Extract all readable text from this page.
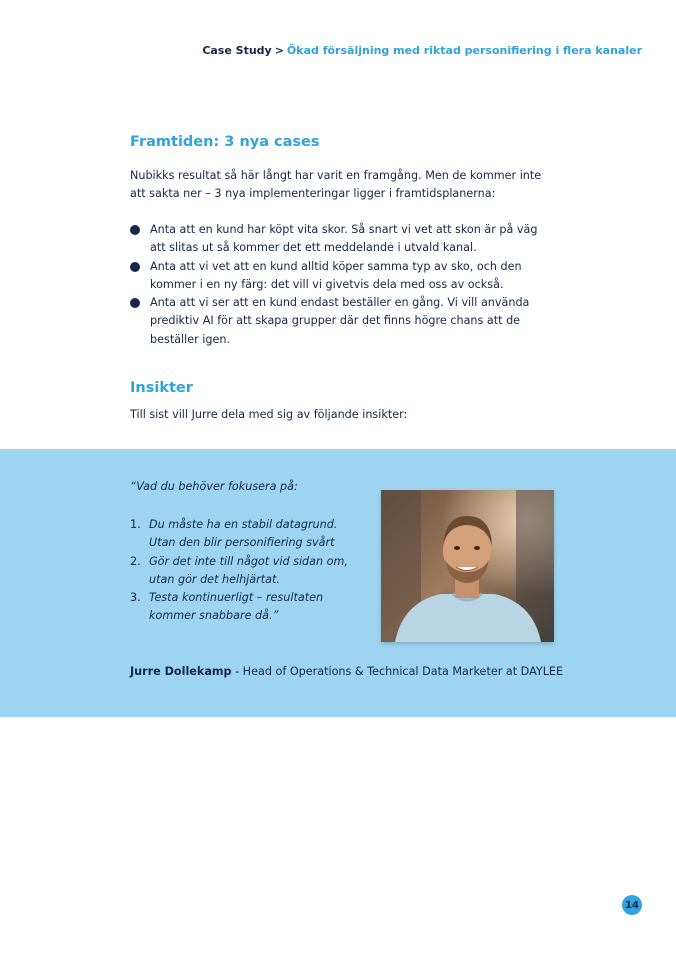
Case Study > Ökad försäljning med riktad personifiering i flera kanaler
Framtiden: 3 nya cases

Nubikks resultat så här långt har varit en framgång. Men de kommer inte
att sakta ner – 3 nya implementeringar ligger i framtidsplanerna:

Anta att en kund har köpt vita skor. Så snart vi vet att skon är på väg
att slitas ut så kommer det ett meddelande i utvald kanal.
Anta att vi vet att en kund alltid köper samma typ av sko, och den
kommer i en ny färg: det vill vi givetvis dela med oss av också.
Anta att vi ser att en kund endast beställer en gång. Vi vill använda
prediktiv AI för att skapa grupper där det finns högre chans att de
beställer igen.
Insikter

Till sist vill Jurre dela med sig av följande insikter:

“Vad du behöver fokusera på:

1. Du måste ha en stabil datagrund.
Utan den blir personifiering svårt
2. Gör det inte till något vid sidan om,
utan gör det helhjärtat.
3. Testa kontinuerligt – resultaten
kommer snabbare då.”

Jurre Dollekamp - Head of Operations & Technical Data Marketer at DAYLEE

14
